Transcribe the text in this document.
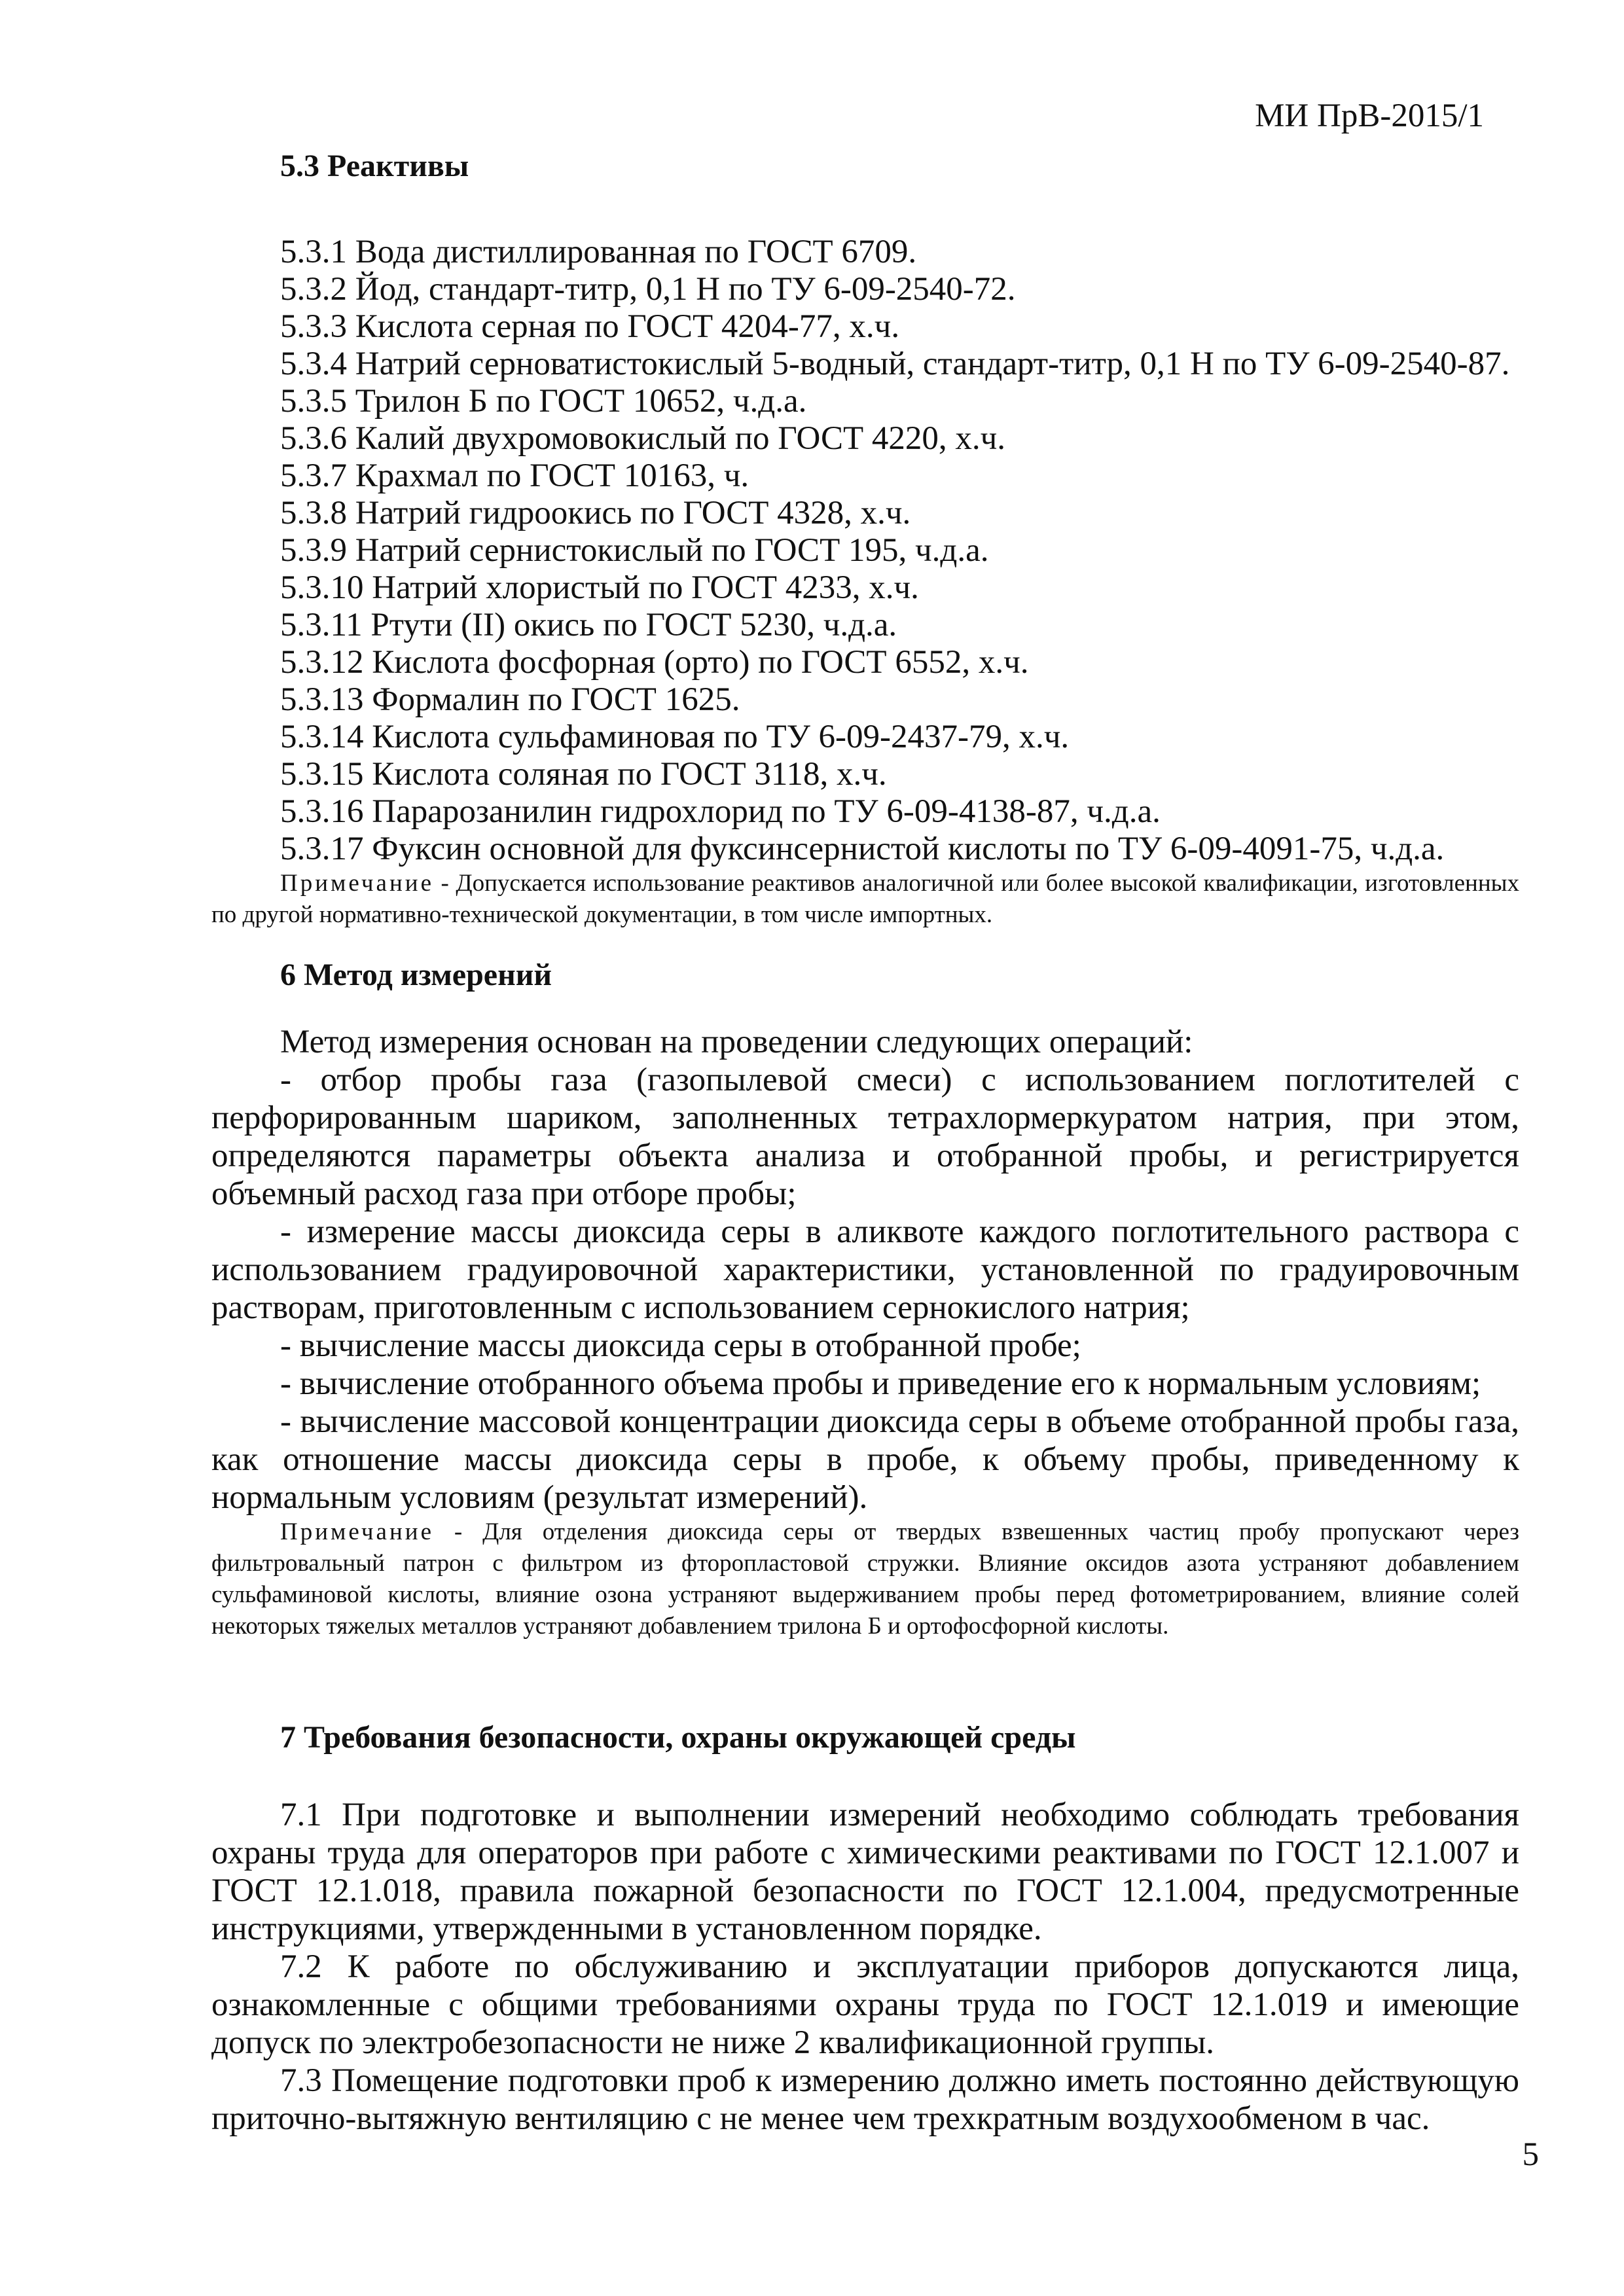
МИ ПрВ-2015/1
5.3 Реактивы
5.3.1 Вода дистиллированная по ГОСТ 6709.
5.3.2 Йод, стандарт-титр, 0,1 Н по ТУ 6-09-2540-72.
5.3.3 Кислота серная по ГОСТ 4204-77, х.ч.
5.3.4 Натрий серноватистокислый 5-водный, стандарт-титр, 0,1 Н по ТУ 6-09-2540-87.
5.3.5 Трилон Б по ГОСТ 10652, ч.д.а.
5.3.6 Калий двухромовокислый по ГОСТ 4220, х.ч.
5.3.7 Крахмал по ГОСТ 10163, ч.
5.3.8 Натрий гидроокись по ГОСТ 4328, х.ч.
5.3.9 Натрий сернистокислый по ГОСТ 195, ч.д.а.
5.3.10 Натрий хлористый по ГОСТ 4233, х.ч.
5.3.11 Ртути (II) окись по ГОСТ 5230, ч.д.а.
5.3.12 Кислота фосфорная (орто) по ГОСТ 6552, х.ч.
5.3.13 Формалин по ГОСТ 1625.
5.3.14 Кислота сульфаминовая по ТУ 6-09-2437-79, х.ч.
5.3.15 Кислота соляная по ГОСТ 3118, х.ч.
5.3.16 Парарозанилин гидрохлорид по ТУ 6-09-4138-87, ч.д.а.
5.3.17 Фуксин основной для фуксинсернистой кислоты по ТУ 6-09-4091-75, ч.д.а.

Примечание - Допускается использование реактивов аналогичной или более высокой квалификации, изготовленных по другой нормативно-технической документации, в том числе импортных.

6 Метод измерений

Метод измерения основан на проведении следующих операций:

- отбор пробы газа (газопылевой смеси) с использованием поглотителей с перфорированным шариком, заполненных тетрахлормеркуратом натрия, при этом, определяются параметры объекта анализа и отобранной пробы, и регистрируется объемный расход газа при отборе пробы;

- измерение массы диоксида серы в аликвоте каждого поглотительного раствора с использованием градуировочной характеристики, установленной по градуировочным растворам, приготовленным с использованием сернокислого натрия;

- вычисление массы диоксида серы в отобранной пробе;

- вычисление отобранного объема пробы и приведение его к нормальным условиям;

- вычисление массовой концентрации диоксида серы в объеме отобранной пробы газа, как отношение массы диоксида серы в пробе, к объему пробы, приведенному к нормальным условиям (результат измерений).

Примечание - Для отделения диоксида серы от твердых взвешенных частиц пробу пропускают через фильтровальный патрон с фильтром из фторопластовой стружки. Влияние оксидов азота устраняют добавлением сульфаминовой кислоты, влияние озона устраняют выдерживанием пробы перед фотометрированием, влияние солей некоторых тяжелых металлов устраняют добавлением трилона Б и ортофосфорной кислоты.

7 Требования безопасности, охраны окружающей среды

7.1 При подготовке и выполнении измерений необходимо соблюдать требования охраны труда для операторов при работе с химическими реактивами по ГОСТ 12.1.007 и ГОСТ 12.1.018, правила пожарной безопасности по ГОСТ 12.1.004, предусмотренные инструкциями, утвержденными в установленном порядке.

7.2 К работе по обслуживанию и эксплуатации приборов допускаются лица, ознакомленные с общими требованиями охраны труда по ГОСТ 12.1.019 и имеющие допуск по электробезопасности не ниже 2 квалификационной группы.

7.3 Помещение подготовки проб к измерению должно иметь постоянно действующую приточно-вытяжную вентиляцию с не менее чем трехкратным воздухообменом в час.

5
